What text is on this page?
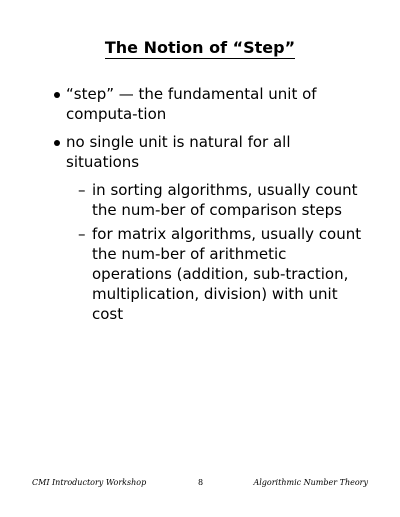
The Notion of “Step”
“step” — the fundamental unit of computa-tion
no single unit is natural for all situations
– in sorting algorithms, usually count the num-ber of comparison steps
– for matrix algorithms, usually count the num-ber of arithmetic operations (addition, sub-traction, multiplication, division) with unit cost
CMI Introductory Workshop	8	Algorithmic Number Theory
